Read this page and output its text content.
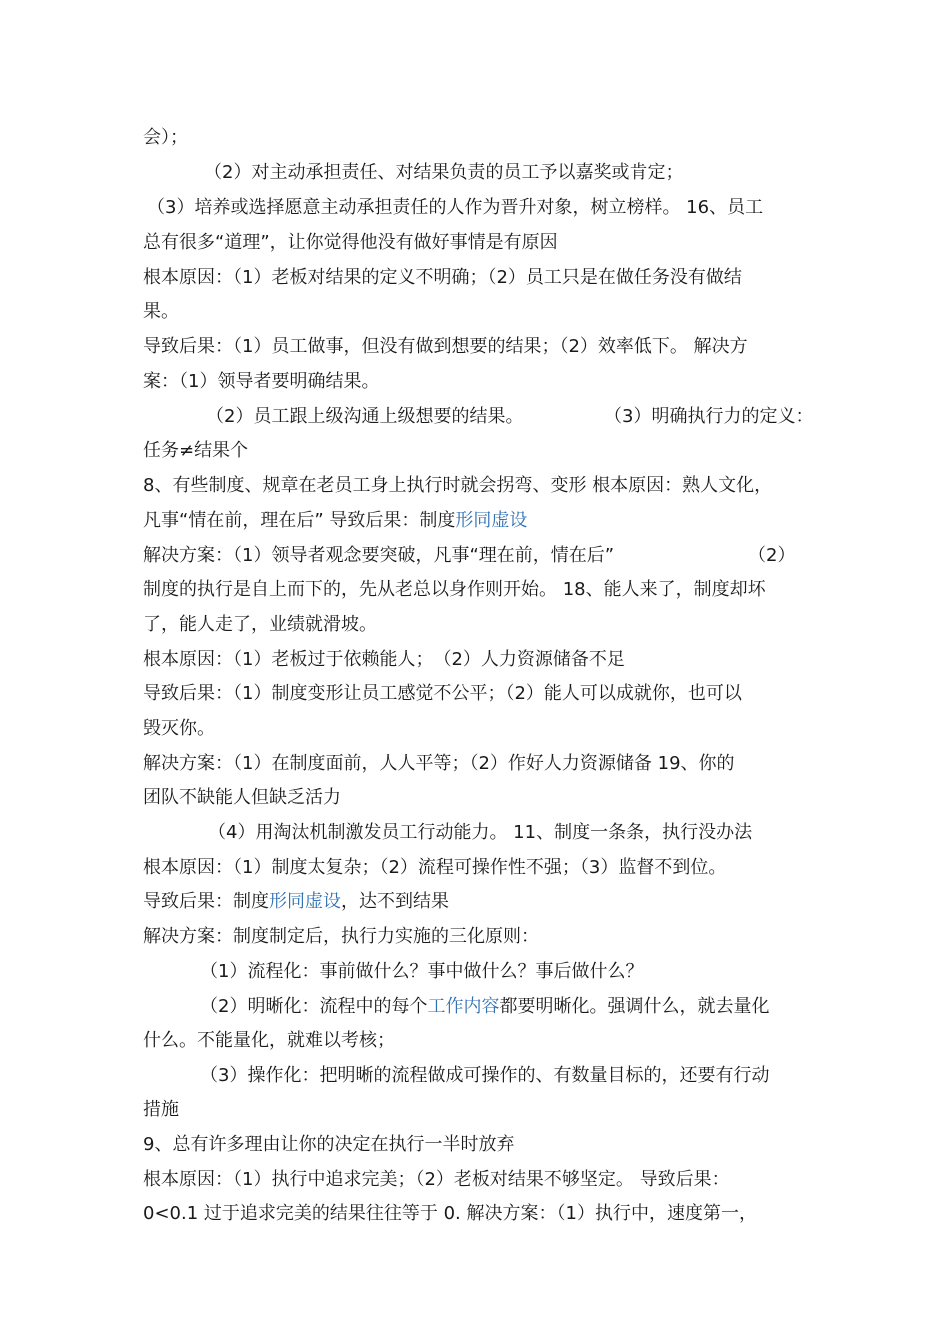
会）；
（2）对主动承担责任、对结果负责的员工予以嘉奖或肯定；
（3）培养或选择愿意主动承担责任的人作为晋升对象，树立榜样。 16、员工
总有很多“道理”，让你觉得他没有做好事情是有原因
根本原因：（1）老板对结果的定义不明确；（2）员工只是在做任务没有做结
果。
导致后果：（1）员工做事，但没有做到想要的结果；（2）效率低下。 解决方
案：（1）领导者要明确结果。
（2）员工跟上级沟通上级想要的结果。	（3）明确执行力的定义：
任务≠结果个
8、有些制度、规章在老员工身上执行时就会拐弯、变形 根本原因：熟人文化，
凡事“情在前，理在后” 导致后果：制度形同虚设
解决方案：（1）领导者观念要突破，凡事“理在前，情在后”	（2）
制度的执行是自上而下的，先从老总以身作则开始。 18、能人来了，制度却坏
了，能人走了，业绩就滑坡。
根本原因：（1）老板过于依赖能人；　（2）人力资源储备不足
导致后果：（1）制度变形让员工感觉不公平；（2）能人可以成就你，也可以
毁灭你。
解决方案：（1）在制度面前，人人平等；（2）作好人力资源储备 19、你的
团队不缺能人但缺乏活力
（4）用淘汰机制激发员工行动能力。 11、制度一条条，执行没办法
根本原因：（1）制度太复杂；（2）流程可操作性不强；（3）监督不到位。
导致后果：制度形同虚设，达不到结果
解决方案：制度制定后，执行力实施的三化原则：
（1）流程化：事前做什么？事中做什么？事后做什么？
（2）明晰化：流程中的每个工作内容都要明晰化。强调什么，就去量化
什么。不能量化，就难以考核；
（3）操作化：把明晰的流程做成可操作的、有数量目标的，还要有行动
措施
9、总有许多理由让你的决定在执行一半时放弃
根本原因：（1）执行中追求完美；（2）老板对结果不够坚定。 导致后果：
0<0.1 过于追求完美的结果往往等于 0. 解决方案：（1）执行中，速度第一，
